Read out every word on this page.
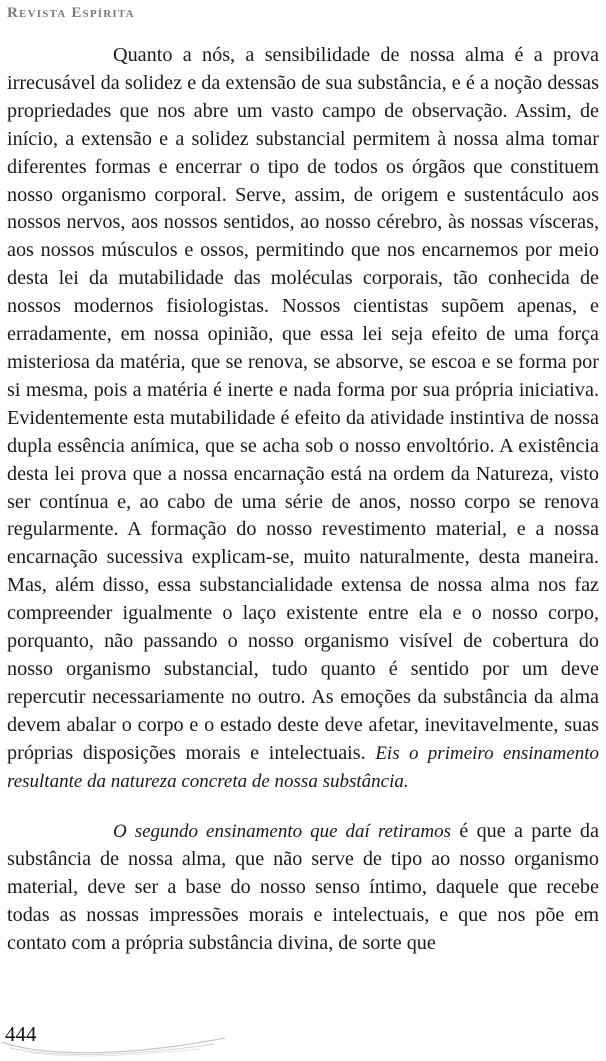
Revista Espírita

Quanto a nós, a sensibilidade de nossa alma é a prova irrecusável da solidez e da extensão de sua substância, e é a noção dessas propriedades que nos abre um vasto campo de observação. Assim, de início, a extensão e a solidez substancial permitem à nossa alma tomar diferentes formas e encerrar o tipo de todos os órgãos que constituem nosso organismo corporal. Serve, assim, de origem e sustentáculo aos nossos nervos, aos nossos sentidos, ao nosso cérebro, às nossas vísceras, aos nossos músculos e ossos, permitindo que nos encarnemos por meio desta lei da mutabilidade das moléculas corporais, tão conhecida de nossos modernos fisiologistas. Nossos cientistas supõem apenas, e erradamente, em nossa opinião, que essa lei seja efeito de uma força misteriosa da matéria, que se renova, se absorve, se escoa e se forma por si mesma, pois a matéria é inerte e nada forma por sua própria iniciativa. Evidentemente esta mutabilidade é efeito da atividade instintiva de nossa dupla essência anímica, que se acha sob o nosso envoltório. A existência desta lei prova que a nossa encarnação está na ordem da Natureza, visto ser contínua e, ao cabo de uma série de anos, nosso corpo se renova regularmente. A formação do nosso revestimento material, e a nossa encarnação sucessiva explicam-se, muito naturalmente, desta maneira. Mas, além disso, essa substancialidade extensa de nossa alma nos faz compreender igualmente o laço existente entre ela e o nosso corpo, porquanto, não passando o nosso organismo visível de cobertura do nosso organismo substancial, tudo quanto é sentido por um deve repercutir necessariamente no outro. As emoções da substância da alma devem abalar o corpo e o estado deste deve afetar, inevitavelmente, suas próprias disposições morais e intelectuais. Eis o primeiro ensinamento resultante da natureza concreta de nossa substância.

O segundo ensinamento que daí retiramos é que a parte da substância de nossa alma, que não serve de tipo ao nosso organismo material, deve ser a base do nosso senso íntimo, daquele que recebe todas as nossas impressões morais e intelectuais, e que nos põe em contato com a própria substância divina, de sorte que

444
